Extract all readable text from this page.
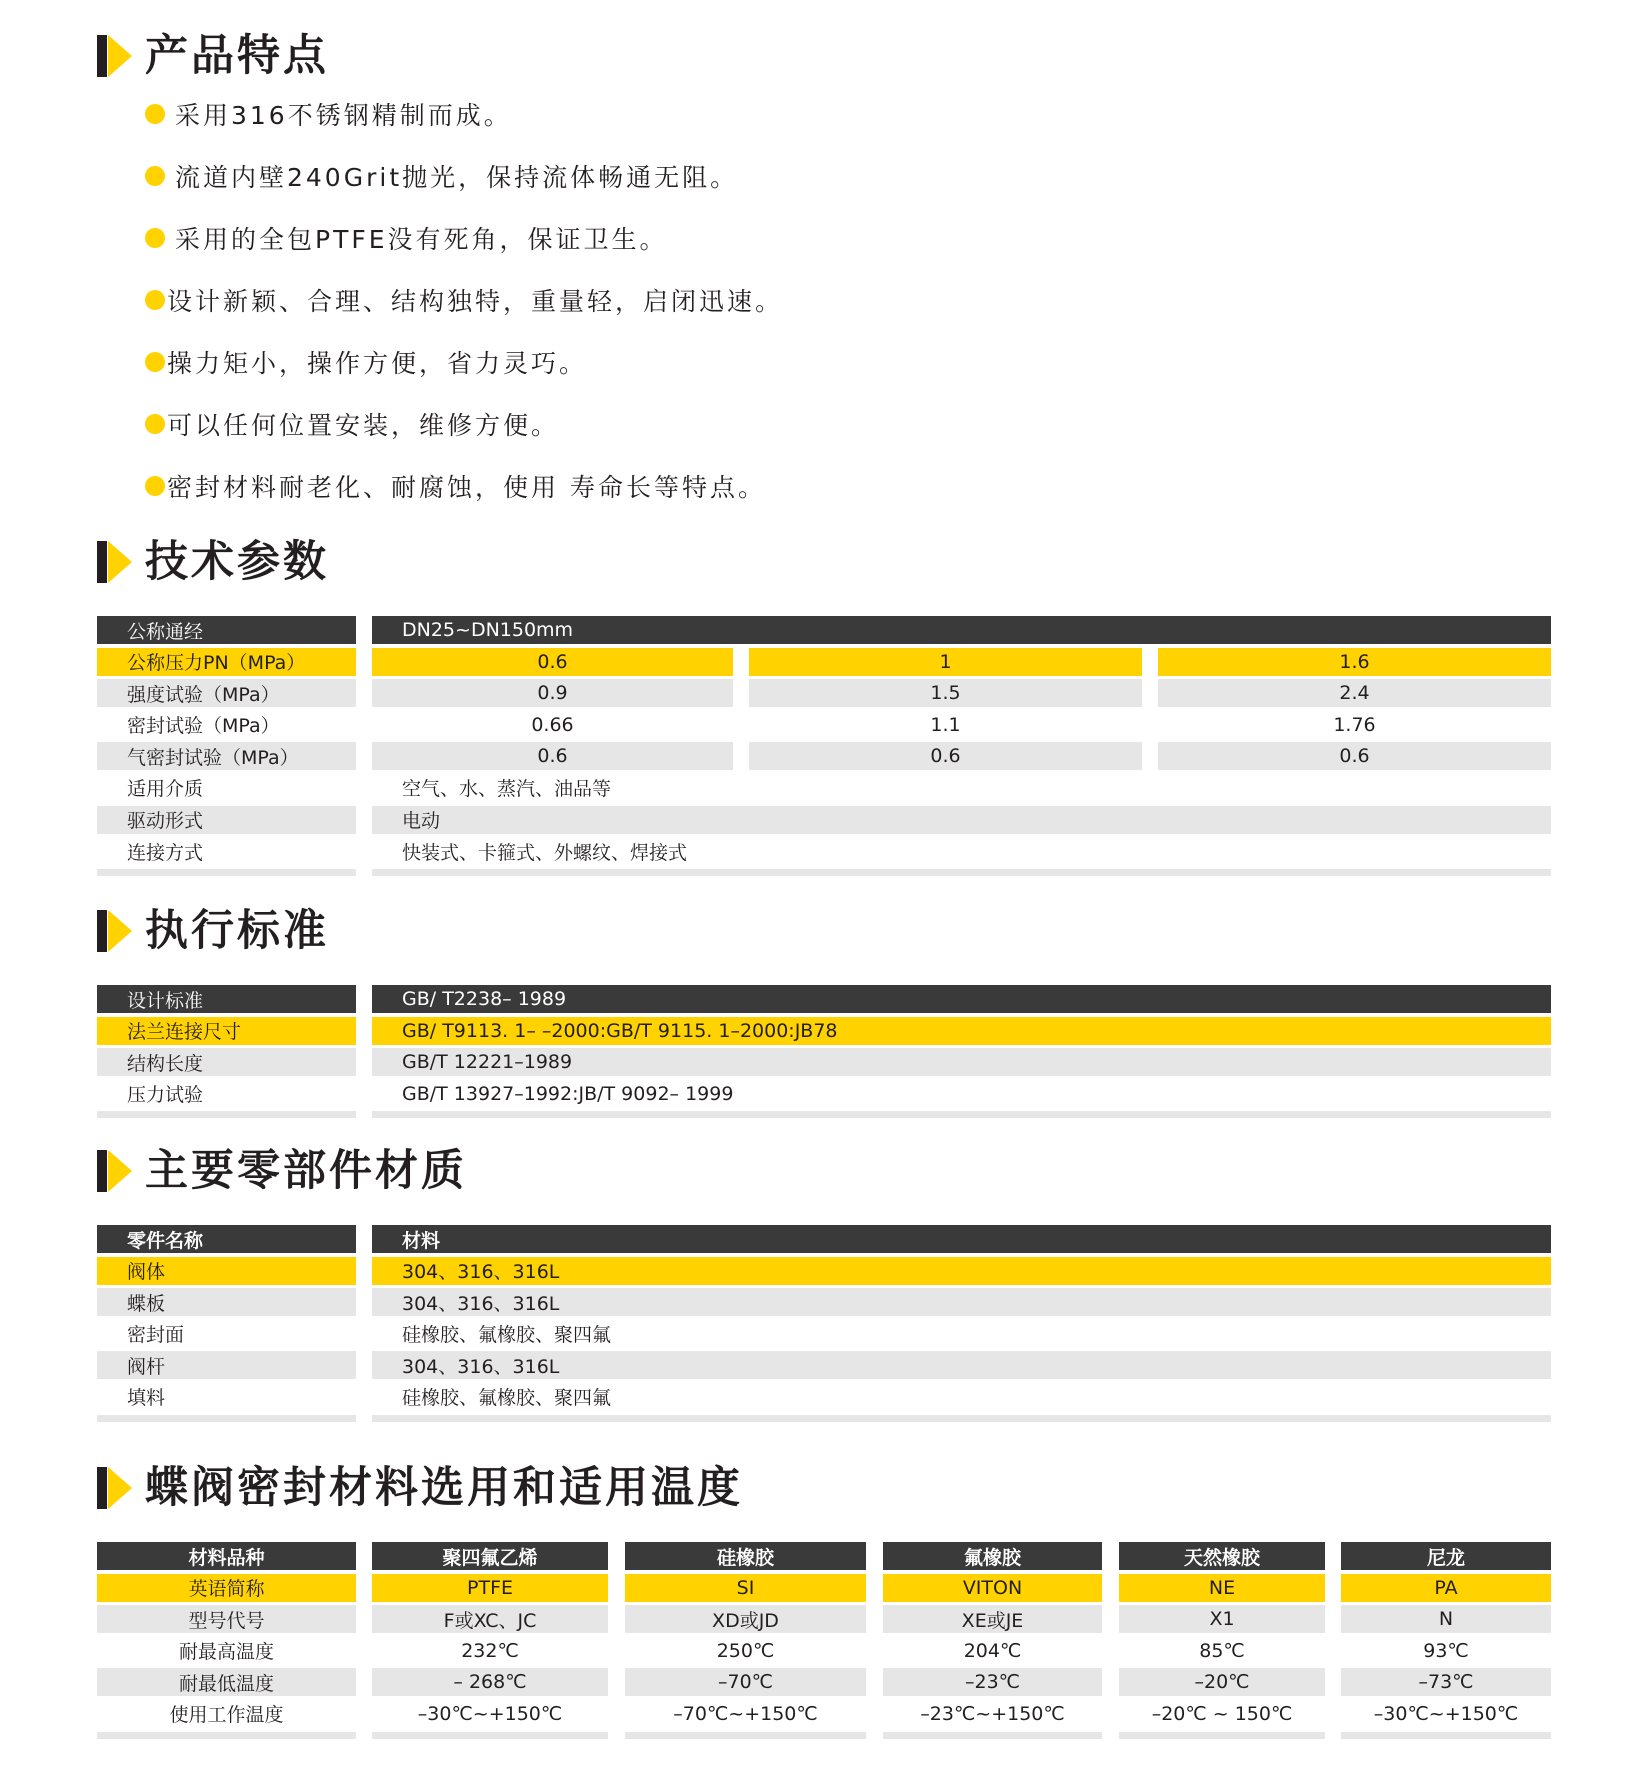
产品特点
采用316不锈钢精制而成。
流道内壁240Grit抛光，保持流体畅通无阻。
采用的全包PTFE没有死角，保证卫生。
设计新颖、合理、结构独特，重量轻，启闭迅速。
操力矩小，操作方便，省力灵巧。
可以任何位置安装，维修方便。
密封材料耐老化、耐腐蚀，使用 寿命长等特点。
技术参数
公称通经	DN25~DN150mm
公称压力PN（MPa）	0.6	1	1.6
强度试验（MPa）	0.9	1.5	2.4
密封试验（MPa）	0.66	1.1	1.76
气密封试验（MPa）	0.6	0.6	0.6
适用介质	空气、水、蒸汽、油品等
驱动形式	电动
连接方式	快装式、卡箍式、外螺纹、焊接式
执行标准
设计标准	GB/ T2238– 1989
法兰连接尺寸	GB/ T9113. 1– –2000:GB/T 9115. 1–2000:JB78
结构长度	GB/T 12221–1989
压力试验	GB/T 13927–1992:JB/T 9092– 1999
主要零部件材质
零件名称	材料
阀体	304、316、316L
蝶板	304、316、316L
密封面	硅橡胶、氟橡胶、聚四氟
阀杆	304、316、316L
填料	硅橡胶、氟橡胶、聚四氟
蝶阀密封材料选用和适用温度
材料品种	聚四氟乙烯	硅橡胶	氟橡胶	天然橡胶	尼龙
英语简称	PTFE	SI	VITON	NE	PA
型号代号	F或XC、JC	XD或JD	XE或JE	X1	N
耐最高温度	232℃	250℃	204℃	85℃	93℃
耐最低温度	– 268℃	–70℃	–23℃	–20℃	–73℃
使用工作温度	–30℃~+150℃	–70℃~+150℃	–23℃~+150℃	–20℃ ~ 150℃	–30℃~+150℃
